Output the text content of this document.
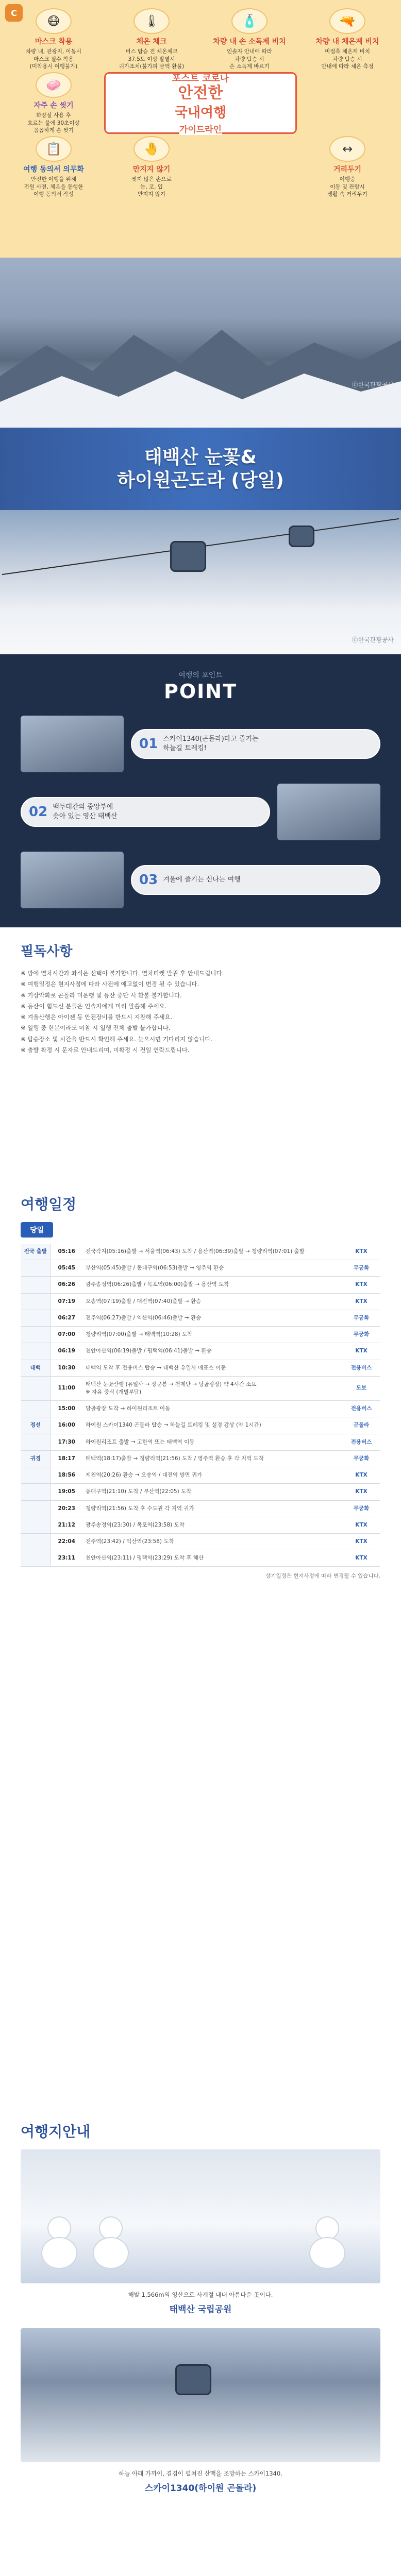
C
😷
마스크 착용
차량 내, 관광지, 이동시
마스크 필수 착용
(미착용시 여행불가)
🌡
체온 체크
버스 탑승 전 체온체크
37.5도 이상 발열시
귀가조치(불가피 금액 환불)
🧴
차량 내 손 소독제 비치
인솔자 안내에 따라
차량 탑승 시
손 소독제 바르기
🔫
차량 내 체온계 비치
비접촉 체온계 비치
차량 탑승 시
안내에 따라 체온 측정
🧼
자주 손 씻기
화장실 사용 후
흐르는 물에 30초이상
꼼꼼하게 손 씻기
포스트 코로나
안전한
국내여행
가이드라인
📋
여행 동의서 의무화
안전한 여행을 위해
전원 사전, 체온을 동행한
여행 동의서 작성
🤚
만지지 않기
씻지 않은 손으로
눈, 코, 입
만지지 않기
↔
거리두기
여행중
이동 및 관람시
생활 속 거리두기
ⓒ한국관광공사
태백산 눈꽃&
하이원곤도라 (당일)
ⓒ한국관광공사
여행의 포인트
POINT
01 스카이1340(곤돌라)타고 즐기는
하늘길 트레킹!
02 백두대간의 중앙부에
솟아 있는 영산 태백산
03 겨울에 즐기는 신나는 여행
필독사항
※ 방에 열차시간과 좌석은 선택이 불가합니다. 열차티켓 발권 후 안내드립니다.
※ 여행일정은 현지사정에 따라 사전에 예고없이 변경 될 수 있습니다.
※ 기상악화로 곤돌라 미운행 및 등산 중단 시 환불 불가합니다.
※ 등산이 힘드신 분들은 인솔자에게 미리 말씀해 주세요.
※ 겨울산행은 아이젠 등 안전장비를 반드시 지참해 주세요.
※ 일행 중 한분이라도 미참 시 일행 전체 출발 불가합니다.
※ 탑승장소 및 시간을 반드시 확인해 주세요. 늦으시면 기다리지 않습니다.
※ 출발 확정 시 문자로 안내드리며, 미확정 시 전일 연락드립니다.
여행일정
당일
전국 출발	05:16	전국각지(05:16)출발 → 서울역(06:43) 도착 / 용산역(06:39)출발 → 청량리역(07:01) 출발	KTX
	05:45	부산역(05:45)출발 / 동대구역(06:53)출발 → 영주역 환승	무궁화
	06:26	광주송정역(06:26)출발 / 목포역(06:00)출발 → 용산역 도착	KTX
	07:19	오송역(07:19)출발 / 대전역(07:40)출발 → 환승	KTX
	06:27	전주역(06:27)출발 / 익산역(06:46)출발 → 환승	무궁화
	07:00	청량리역(07:00)출발 → 태백역(10:28) 도착	무궁화
	06:19	천안아산역(06:19)출발 / 평택역(06:41)출발 → 환승	KTX
태백	10:30	태백역 도착 후 전용버스 탑승 → 태백산 유일사 매표소 이동	전용버스
	11:00	태백산 눈꽃산행 (유일사 → 장군봉 → 천제단 → 당골광장) 약 4시간 소요
※ 자유 중식 (개별부담)	도보
	15:00	당골광장 도착 → 하이원리조트 이동	전용버스
정선	16:00	하이원 스카이1340 곤돌라 탑승 → 하늘길 트레킹 및 설경 감상 (약 1시간)	곤돌라
	17:30	하이원리조트 출발 → 고한역 또는 태백역 이동	전용버스
귀경	18:17	태백역(18:17)출발 → 청량리역(21:56) 도착 / 영주역 환승 후 각 지역 도착	무궁화
	18:56	제천역(20:26) 환승 → 오송역 / 대전역 방면 귀가	KTX
	19:05	동대구역(21:10) 도착 / 부산역(22:05) 도착	KTX
	20:23	청량리역(21:56) 도착 후 수도권 각 지역 귀가	무궁화
	21:12	광주송정역(23:30) / 목포역(23:58) 도착	KTX
	22:04	전주역(23:42) / 익산역(23:58) 도착	KTX
	23:11	천안아산역(23:11) / 평택역(23:29) 도착 후 해산	KTX
상기일정은 현지사정에 따라 변경될 수 있습니다.
여행지안내
해발 1,566m의 영산으로 사계절 내내 아름다운 곳이다.
태백산 국립공원
하늘 아래 가까이, 겹겹이 펼쳐진 산맥을 조망하는 스카이1340.
스카이1340(하이원 곤돌라)
